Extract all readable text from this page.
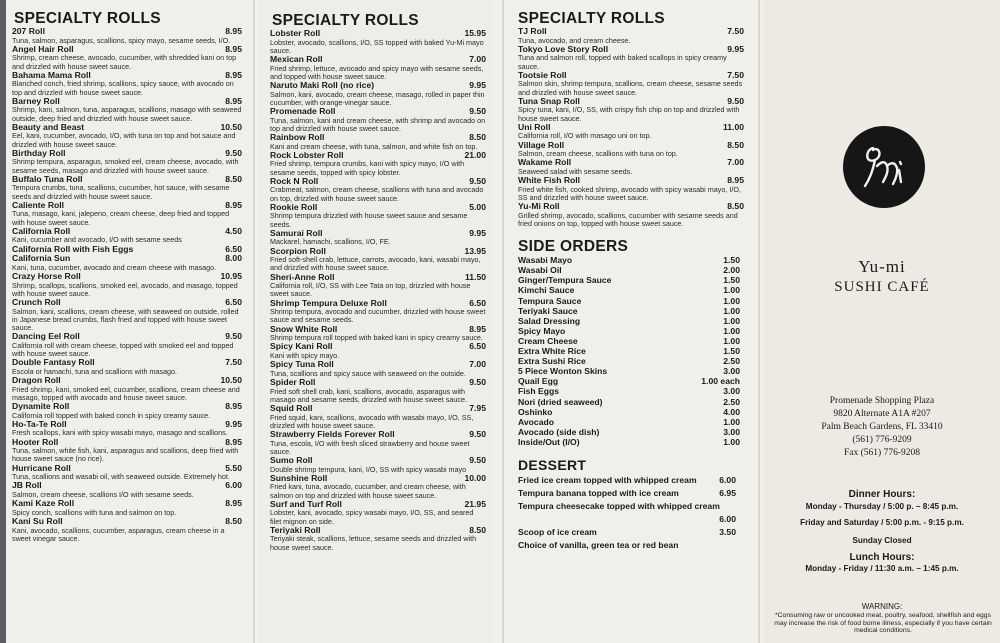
SPECIALTY ROLLS
207 Roll	8.95
Tuna, salmon, asparagus, scallions, spicy mayo, sesame seeds, I/O.
Angel Hair Roll	8.95
Shrimp, cream cheese, avocado, cucumber, with shredded kani on top and drizzled with house sweet sauce.
Bahama Mama Roll	8.95
Blanched conch, fried shrimp, scallions, spicy sauce, with avocado on top and drizzled with house sweet sauce.
Barney Roll	8.95
Shrimp, kani, salmon, tuna, asparagus, scallions, masago with seaweed outside, deep fried and drizzled with house sweet sauce.
Beauty and Beast	10.50
Eel, kani, cucumber, avocado, I/O, with tuna on top and hot sauce and drizzled with house sweet sauce.
Birthday Roll	9.50
Shrimp tempura, asparagus, smoked eel, cream cheese, avocado, with sesame seeds, masago and drizzled with house sweet sauce.
Buffalo Tuna Roll	8.50
Tempura crumbs, tuna, scallions, cucumber, hot sauce, with sesame seeds and drizzled with house sweet sauce.
Caliente Roll	8.95
Tuna, masago, kani, jalepeno, cream cheese, deep fried and topped with house sweet sauce.
California Roll	4.50
Kani, cucumber and avocado, I/O with sesame seeds
California Roll with Fish Eggs	6.50
California Sun	8.00
Kani, tuna, cucumber, avocado and cream cheese with masago.
Crazy Horse Roll	10.95
Shrimp, scallops, scallions, smoked eel, avocado, and masago, topped with house sweet sauce.
Crunch Roll	6.50
Salmon, kani, scallions, cream cheese, with seaweed on outside, rolled in Japanese bread crumbs, flash fried and topped with house sweet sauce.
Dancing Eel Roll	9.50
California roll with cream cheese, topped with smoked eel and topped with house sweet sauce.
Double Fantasy Roll	7.50
Escola or hamachi, tuna and scallions with masago.
Dragon Roll	10.50
Fried shrimp, kani, smoked eel, cucumber, scallions, cream cheese and masago, topped with avocado and house sweet sauce.
Dynamite Roll	8.95
California roll topped with baked conch in spicy creamy sauce.
Ho-Ta-Te Roll	9.95
Fresh scallops, kani with spicy wasabi mayo, masago and scallions.
Hooter Roll	8.95
Tuna, salmon, white fish, kani, asparagus and scallions, deep fried with house sweet sauce (no rice).
Hurricane Roll	5.50
Tuna, scallions and wasabi oil, with seaweed outside. Extremely hot.
JB Roll	6.00
Salmon, cream cheese, scallions I/O with sesame seeds.
Kami Kaze Roll	8.95
Spicy conch, scallions with tuna and salmon on top.
Kani Su Roll	8.50
Kani, avocado, scallions, cucumber, asparagus, cream cheese in a sweet vinegar sauce.
SPECIALTY ROLLS
Lobster Roll	15.95
Lobster, avocado, scallions, I/O, SS topped with baked Yu-Mi mayo sauce.
Mexican Roll	7.00
Fried shrimp, lettuce, avocado and spicy mayo with sesame seeds, and topped with house sweet sauce.
Naruto Maki Roll (no rice)	9.95
Salmon, kani, avocado, cream cheese, masago, rolled in paper thin cucumber, with orange-vinegar sauce.
Promenade Roll	9.50
Tuna, salmon, kani and cream cheese, with shrimp and avocado on top and drizzled with house sweet sauce.
Rainbow Roll	8.50
Kani and cream cheese, with tuna, salmon, and white fish on top.
Rock Lobster Roll	21.00
Fried shrimp, tempura crumbs, kani with spicy mayo, I/O with sesame seeds, topped with spicy lobster.
Rock N Roll	9.50
Crabmeat, salmon, cream cheese, scallions with tuna and avocado on top, drizzled with house sweet sauce.
Rookie Roll	5.00
Shrimp tempura drizzled with house sweet sauce and sesame seeds.
Samurai Roll	9.95
Mackarel, hamachi, scallions, I/O, FE.
Scorpion Roll	13.95
Fried soft-shell crab, lettuce, carrots, avocado, kani, wasabi mayo, and drizzled with house sweet sauce.
Sheri-Anne Roll	11.50
California roll, I/O, SS with Lee Tata on top, drizzled with house sweet sauce.
Shrimp Tempura Deluxe Roll	6.50
Shrimp tempura, avocado and cucumber, drizzled with house sweet sauce and sesame seeds.
Snow White Roll	8.95
Shrimp tempura roll topped with baked kani in spicy creamy sauce.
Spicy Kani Roll	6.50
Kani with spicy mayo.
Spicy Tuna Roll	7.00
Tuna, scallions and spicy sauce with seaweed on the outside.
Spider Roll	9.50
Fried soft shell crab, kani, scallions, avocado, asparagus with masago and sesame seeds, drizzled with house sweet sauce.
Squid Roll	7.95
Fried squid, kani, scallions, avocado with wasabi mayo, I/O, SS, drizzled with house sweet sauce.
Strawberry Fields Forever Roll	9.50
Tuna, escola, I/O with fresh sliced strawberry and house sweet sauce.
Sumo Roll	9.50
Double shrimp tempura, kani, I/O, SS with spicy wasabi mayo
Sunshine Roll	10.00
Fried kani, tuna, avocado, cucumber, and cream cheese, with salmon on top and drizzled with house sweet sauce.
Surf and Turf Roll	21.95
Lobster, kani, avocado, spicy wasabi mayo, I/O, SS, and seared filet mignon on side.
Teriyaki Roll	8.50
Teriyaki steak, scallions, lettuce, sesame seeds and drizzled with house sweet sauce.
SPECIALTY ROLLS
TJ Roll	7.50
Tuna, avocado, and cream cheese.
Tokyo Love Story Roll	9.95
Tuna and salmon roll, topped with baked scallops in spicy creamy sauce.
Tootsie Roll	7.50
Salmon skin, shrimp tempura, scallions, cream cheese, sesame seeds and drizzled with house sweet sauce.
Tuna Snap Roll	9.50
Spicy tuna, kani, I/O, SS, with crispy fish chip on top and drizzled with house sweet sauce.
Uni Roll	11.00
California roll, I/O with masago uni on top.
Village Roll	8.50
Salmon, cream cheese, scallions with tuna on top.
Wakame Roll	7.00
Seaweed salad with sesame seeds.
White Fish Roll	8.95
Fried white fish, cooked shrimp, avocado with spicy wasabi mayo, I/O, SS and drizzled with house sweet sauce.
Yu-Mi Roll	8.50
Grilled shrimp, avocado, scallions, cucumber with sesame seeds and fried onions on top, topped with house sweet sauce.
SIDE ORDERS
Wasabi Mayo	1.50
Wasabi Oil	2.00
Ginger/Tempura Sauce	1.50
Kimchi Sauce	1.00
Tempura Sauce	1.00
Teriyaki Sauce	1.00
Salad Dressing	1.00
Spicy Mayo	1.00
Cream Cheese	1.00
Extra White Rice	1.50
Extra Sushi Rice	2.50
5 Piece Wonton Skins	3.00
Quail Egg	1.00 each
Fish Eggs	3.00
Nori (dried seaweed)	2.50
Oshinko	4.00
Avocado	1.00
Avocado (side dish)	3.00
Inside/Out (I/O)	1.00
DESSERT
Fried ice cream topped with whipped cream	6.00
Tempura banana topped with ice cream	6.95
Tempura cheesecake topped with whipped cream
6.00
Scoop of ice cream	3.50
Choice of vanilla, green tea or red bean
Yu-mi
SUSHI CAFÉ
Promenade Shopping Plaza
9820 Alternate A1A #207
Palm Beach Gardens, FL 33410
(561) 776-9209
Fax (561) 776-9208
Dinner Hours:
Monday - Thursday / 5:00 p. – 8:45 p.m.
Friday and Saturday / 5:00 p.m. - 9:15 p.m.
Sunday Closed
Lunch Hours:
Monday - Friday / 11:30 a.m. – 1:45 p.m.
WARNING:
*Consuming raw or uncooked meat, poultry, seafood, shellfish and eggs may increase the risk of food borne illness, especially if you have certain medical conditions.
